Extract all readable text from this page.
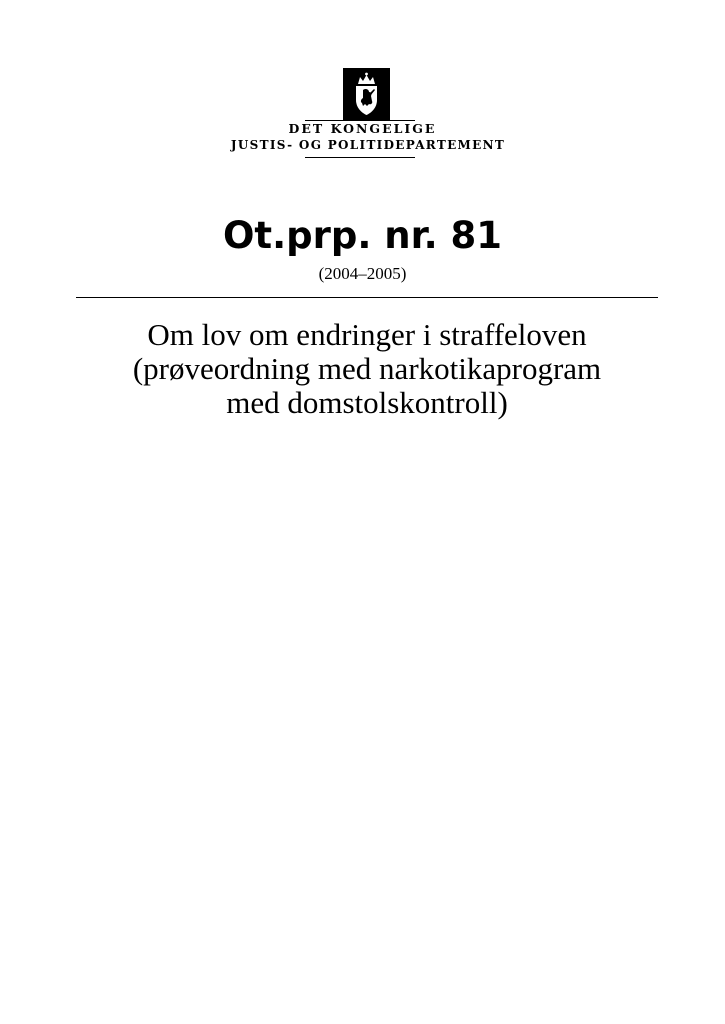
DET KONGELIGE
JUSTIS- OG POLITIDEPARTEMENT
Ot.prp. nr. 81
(2004–2005)
Om lov om endringer i straffeloven
(prøveordning med narkotikaprogram
med domstolskontroll)
